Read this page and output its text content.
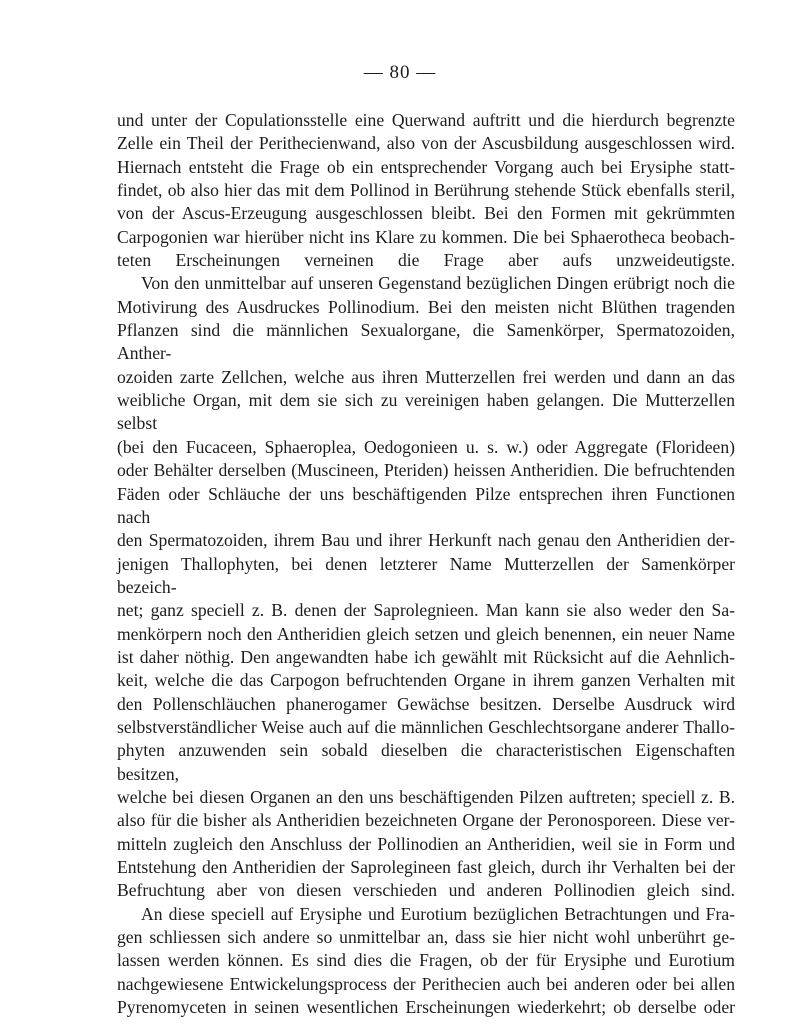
— 80 —

und unter der Copulationsstelle eine Querwand auftritt und die hierdurch begrenzte

Zelle ein Theil der Perithecienwand, also von der Ascusbildung ausgeschlossen wird.

Hiernach entsteht die Frage ob ein entsprechender Vorgang auch bei Erysiphe statt-

findet, ob also hier das mit dem Pollinod in Berührung stehende Stück ebenfalls steril,

von der Ascus-Erzeugung ausgeschlossen bleibt. Bei den Formen mit gekrümmten

Carpogonien war hierüber nicht ins Klare zu kommen. Die bei Sphaerotheca beobach-

teten Erscheinungen verneinen die Frage aber aufs unzweideutigste.

Von den unmittelbar auf unseren Gegenstand bezüglichen Dingen erübrigt noch die

Motivirung des Ausdruckes Pollinodium. Bei den meisten nicht Blüthen tragenden

Pflanzen sind die männlichen Sexualorgane, die Samenkörper, Spermatozoiden, Anther-

ozoiden zarte Zellchen, welche aus ihren Mutterzellen frei werden und dann an das

weibliche Organ, mit dem sie sich zu vereinigen haben gelangen. Die Mutterzellen selbst

(bei den Fucaceen, Sphaeroplea, Oedogonieen u. s. w.) oder Aggregate (Florideen)

oder Behälter derselben (Muscineen, Pteriden) heissen Antheridien. Die befruchtenden

Fäden oder Schläuche der uns beschäftigenden Pilze entsprechen ihren Functionen nach

den Spermatozoiden, ihrem Bau und ihrer Herkunft nach genau den Antheridien der-

jenigen Thallophyten, bei denen letzterer Name Mutterzellen der Samenkörper bezeich-

net; ganz speciell z. B. denen der Saprolegnieen. Man kann sie also weder den Sa-

menkörpern noch den Antheridien gleich setzen und gleich benennen, ein neuer Name

ist daher nöthig. Den angewandten habe ich gewählt mit Rücksicht auf die Aehnlich-

keit, welche die das Carpogon befruchtenden Organe in ihrem ganzen Verhalten mit

den Pollenschläuchen phanerogamer Gewächse besitzen. Derselbe Ausdruck wird

selbstverständlicher Weise auch auf die männlichen Geschlechtsorgane anderer Thallo-

phyten anzuwenden sein sobald dieselben die characteristischen Eigenschaften besitzen,

welche bei diesen Organen an den uns beschäftigenden Pilzen auftreten; speciell z. B.

also für die bisher als Antheridien bezeichneten Organe der Peronosporeen. Diese ver-

mitteln zugleich den Anschluss der Pollinodien an Antheridien, weil sie in Form und

Entstehung den Antheridien der Saprolegineen fast gleich, durch ihr Verhalten bei der

Befruchtung aber von diesen verschieden und anderen Pollinodien gleich sind.

An diese speciell auf Erysiphe und Eurotium bezüglichen Betrachtungen und Fra-

gen schliessen sich andere so unmittelbar an, dass sie hier nicht wohl unberührt ge-

lassen werden können. Es sind dies die Fragen, ob der für Erysiphe und Eurotium

nachgewiesene Entwickelungsprocess der Perithecien auch bei anderen oder bei allen

Pyrenomyceten in seinen wesentlichen Erscheinungen wiederkehrt; ob derselbe oder
